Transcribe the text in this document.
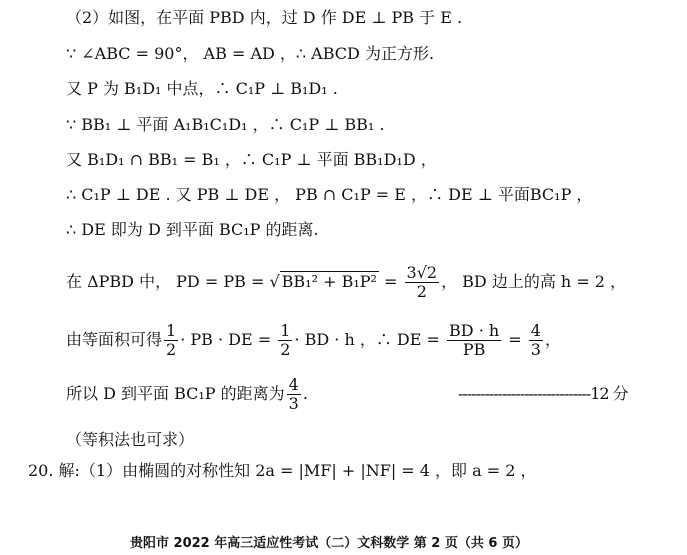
（2）如图，在平面 PBD 内，过 D 作 DE ⊥ PB 于 E .
∵ ∠ABC = 90°， AB = AD ，∴ ABCD 为正方形.
又 P 为 B₁D₁ 中点，∴ C₁P ⊥ B₁D₁ .
∵ BB₁ ⊥ 平面 A₁B₁C₁D₁ ，∴ C₁P ⊥ BB₁ .
又 B₁D₁ ∩ BB₁ = B₁ ，∴ C₁P ⊥ 平面 BB₁D₁D ，
∴ C₁P ⊥ DE . 又 PB ⊥ DE ， PB ∩ C₁P = E ，∴ DE ⊥ 平面BC₁P ，
∴ DE 即为 D 到平面 BC₁P 的距离.
在 ΔPBD 中， PD = PB = √ $BB_1^2 + B_1P^2 = \frac{3√2}{2}$ ， BD 边上的高 h = 2 ，
由等面积可得 $\frac{1}{2}$ · PB · DE = $\frac{1}{2}$ · BD · h ，∴ DE = $\frac{BD \cdot h}{PB} = \frac{4}{3}$ ，
所以 D 到平面 BC₁P 的距离为 $\frac{4}{3}$ .	------------------------------12 分
（等积法也可求）
20. 解:（1）由椭圆的对称性知 2a = |MF| + |NF| = 4 ，即 a = 2 ，
贵阳市 2022 年高三适应性考试（二）文科数学 第 2 页（共 6 页）
